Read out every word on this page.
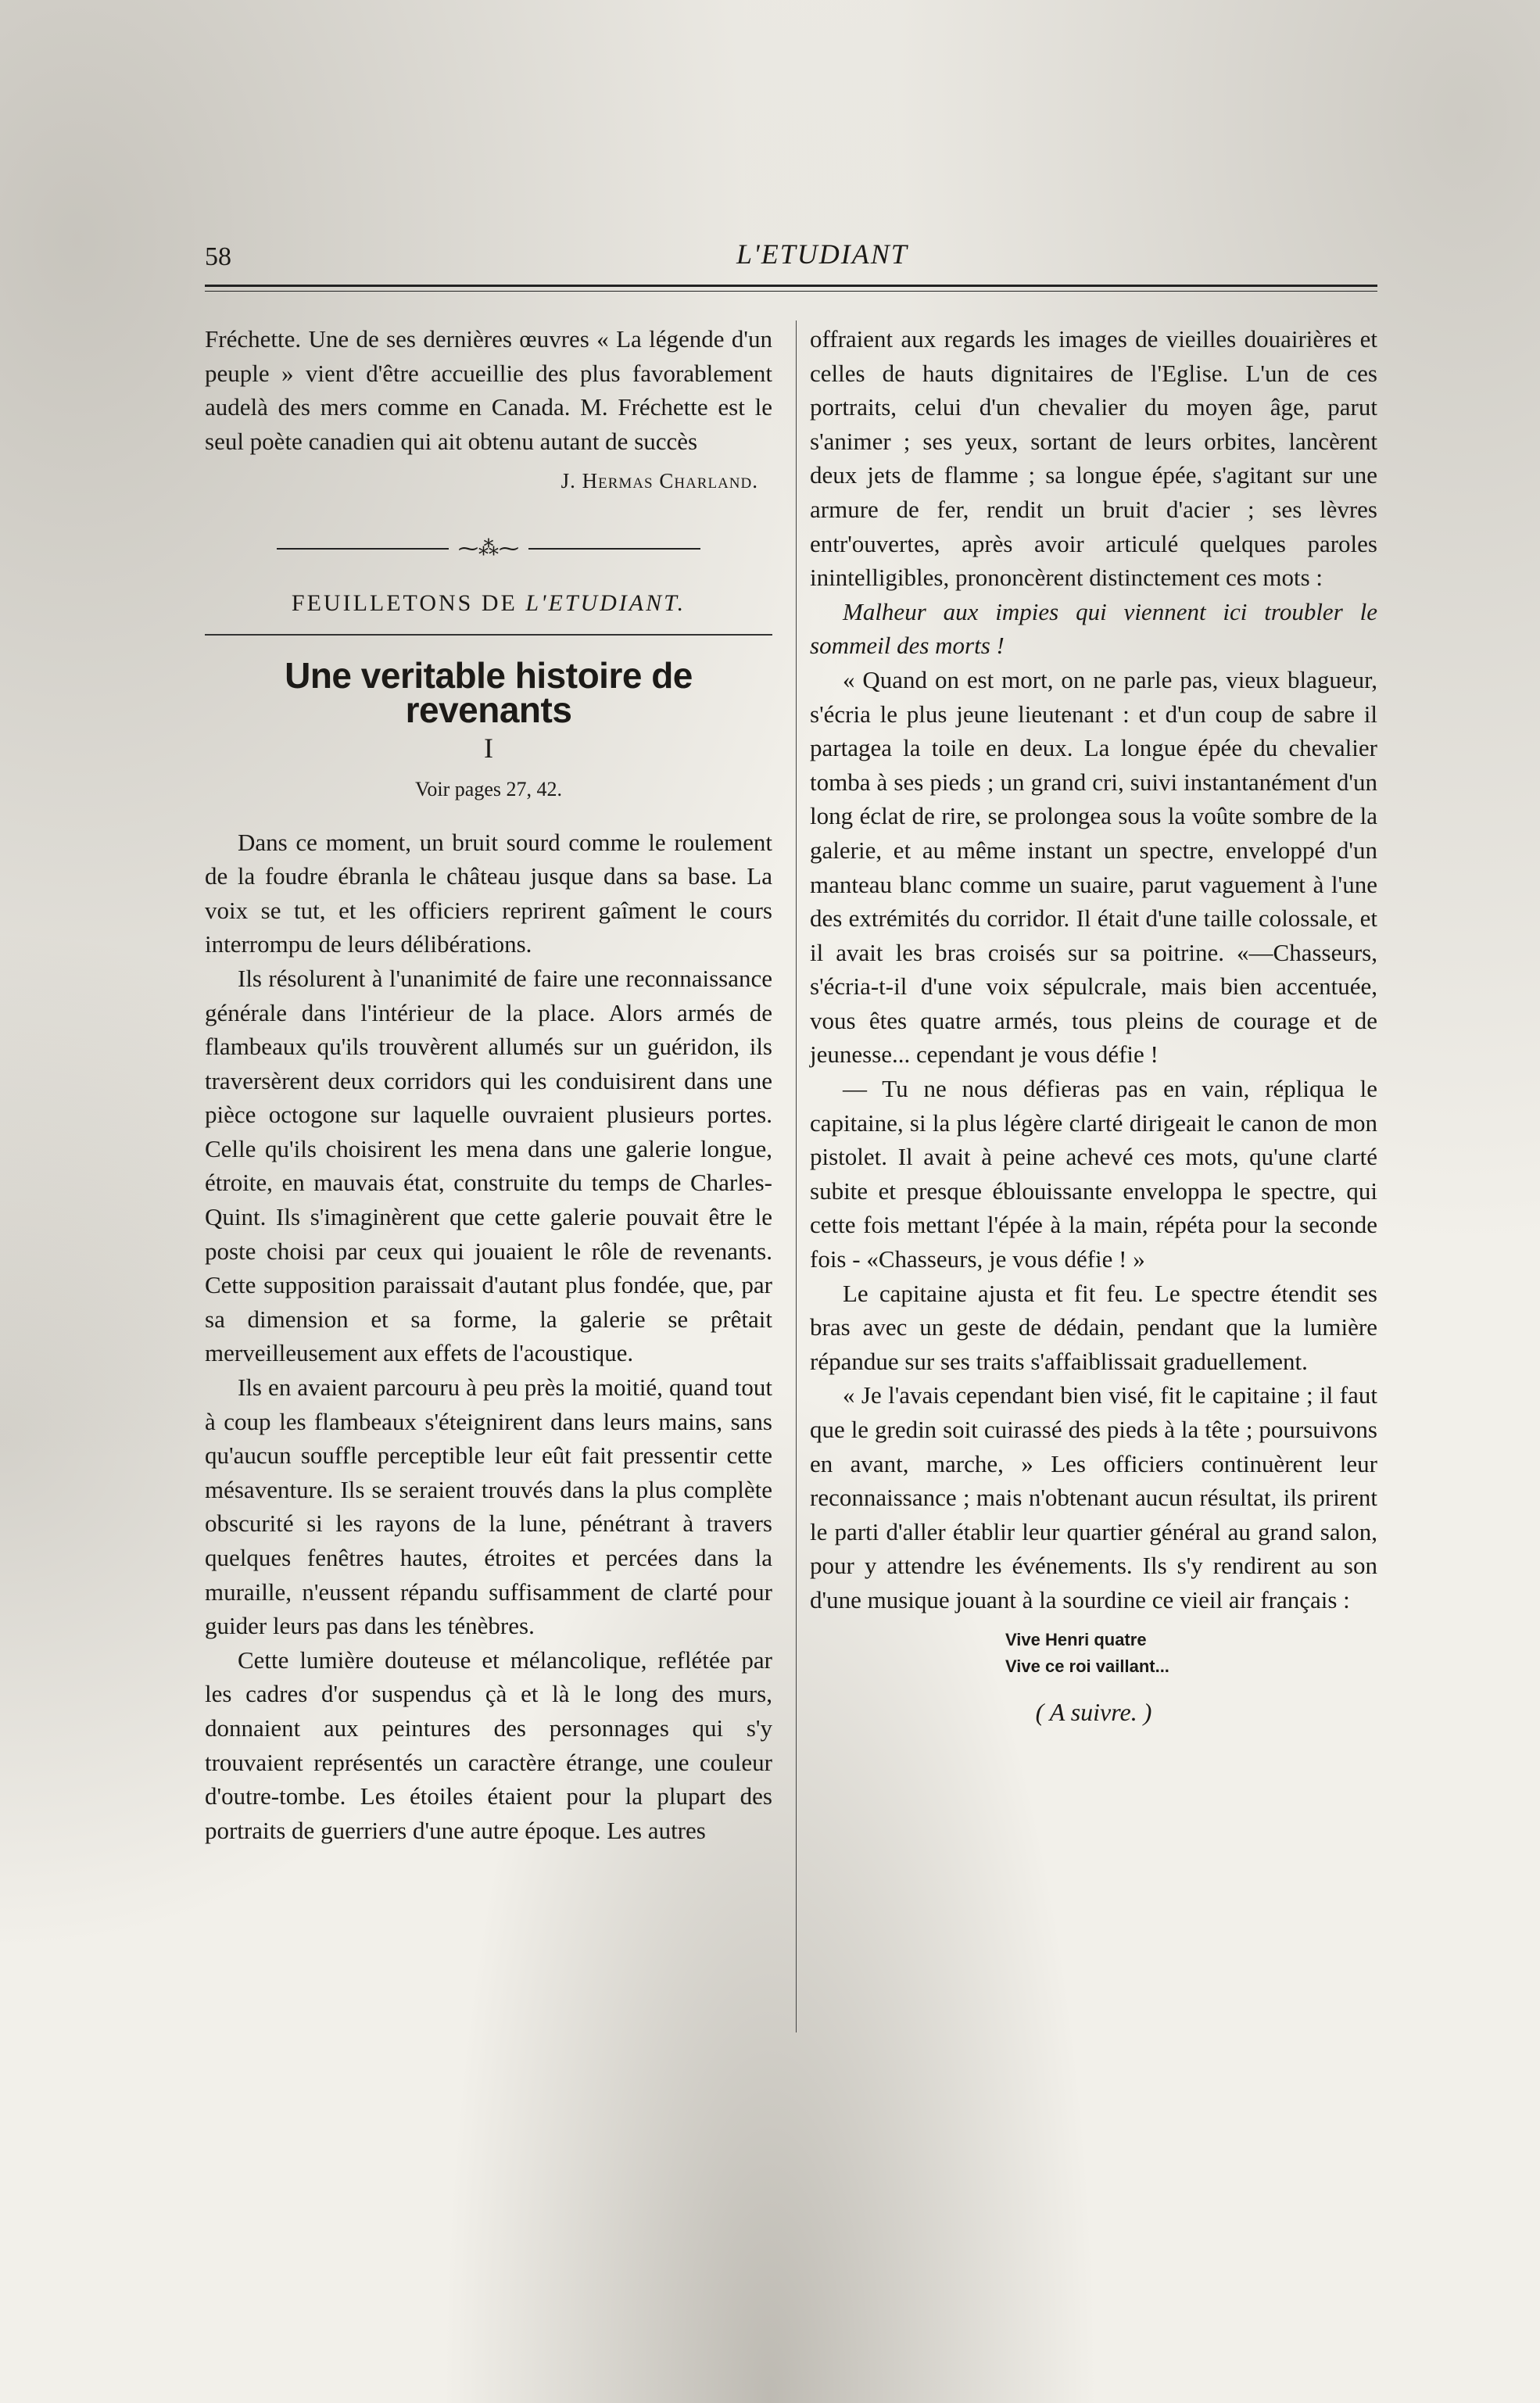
58	L'ETUDIANT

Fréchette. Une de ses dernières œuvres « La légende d'un peuple » vient d'être accueillie des plus favorablement audelà des mers comme en Canada. M. Fréchette est le seul poète canadien qui ait obtenu autant de succès

J. Hermas Charland.
⁓⁂⁓
FEUILLETONS DE L'ETUDIANT.
Une veritable histoire de revenants
I
Voir pages 27, 42.

Dans ce moment, un bruit sourd comme le roulement de la foudre ébranla le château jusque dans sa base. La voix se tut, et les officiers reprirent gaîment le cours interrompu de leurs délibérations.

Ils résolurent à l'unanimité de faire une reconnaissance générale dans l'intérieur de la place. Alors armés de flambeaux qu'ils trouvèrent allumés sur un guéridon, ils traversèrent deux corridors qui les conduisirent dans une pièce octogone sur laquelle ouvraient plusieurs portes. Celle qu'ils choisirent les mena dans une galerie longue, étroite, en mauvais état, construite du temps de Charles-Quint. Ils s'imaginèrent que cette galerie pouvait être le poste choisi par ceux qui jouaient le rôle de revenants. Cette supposition paraissait d'autant plus fondée, que, par sa dimension et sa forme, la galerie se prêtait merveilleusement aux effets de l'acoustique.

Ils en avaient parcouru à peu près la moitié, quand tout à coup les flambeaux s'éteignirent dans leurs mains, sans qu'aucun souffle perceptible leur eût fait pressentir cette mésaventure. Ils se seraient trouvés dans la plus complète obscurité si les rayons de la lune, pénétrant à travers quelques fenêtres hautes, étroites et percées dans la muraille, n'eussent répandu suffisamment de clarté pour guider leurs pas dans les ténèbres.

Cette lumière douteuse et mélancolique, reflétée par les cadres d'or suspendus çà et là le long des murs, donnaient aux peintures des personnages qui s'y trouvaient représentés un caractère étrange, une couleur d'outre-tombe. Les étoiles étaient pour la plupart des portraits de guerriers d'une autre époque. Les autres

offraient aux regards les images de vieilles douairières et celles de hauts dignitaires de l'Eglise. L'un de ces portraits, celui d'un chevalier du moyen âge, parut s'animer ; ses yeux, sortant de leurs orbites, lancèrent deux jets de flamme ; sa longue épée, s'agitant sur une armure de fer, rendit un bruit d'acier ; ses lèvres entr'ouvertes, après avoir articulé quelques paroles inintelligibles, prononcèrent distinctement ces mots :

Malheur aux impies qui viennent ici troubler le sommeil des morts !

« Quand on est mort, on ne parle pas, vieux blagueur, s'écria le plus jeune lieutenant : et d'un coup de sabre il partagea la toile en deux. La longue épée du chevalier tomba à ses pieds ; un grand cri, suivi instantanément d'un long éclat de rire, se prolongea sous la voûte sombre de la galerie, et au même instant un spectre, enveloppé d'un manteau blanc comme un suaire, parut vaguement à l'une des extrémités du corridor. Il était d'une taille colossale, et il avait les bras croisés sur sa poitrine. «—Chasseurs, s'écria-t-il d'une voix sépulcrale, mais bien accentuée, vous êtes quatre armés, tous pleins de courage et de jeunesse... cependant je vous défie !

— Tu ne nous défieras pas en vain, répliqua le capitaine, si la plus légère clarté dirigeait le canon de mon pistolet. Il avait à peine achevé ces mots, qu'une clarté subite et presque éblouissante enveloppa le spectre, qui cette fois mettant l'épée à la main, répéta pour la seconde fois - «Chasseurs, je vous défie ! »

Le capitaine ajusta et fit feu. Le spectre étendit ses bras avec un geste de dédain, pendant que la lumière répandue sur ses traits s'affaiblissait graduellement.

« Je l'avais cependant bien visé, fit le capitaine ; il faut que le gredin soit cuirassé des pieds à la tête ; poursuivons en avant, marche, » Les officiers continuèrent leur reconnaissance ; mais n'obtenant aucun résultat, ils prirent le parti d'aller établir leur quartier général au grand salon, pour y attendre les événements. Ils s'y rendirent au son d'une musique jouant à la sourdine ce vieil air français :

Vive Henri quatre
Vive ce roi vaillant...
( A suivre. )
